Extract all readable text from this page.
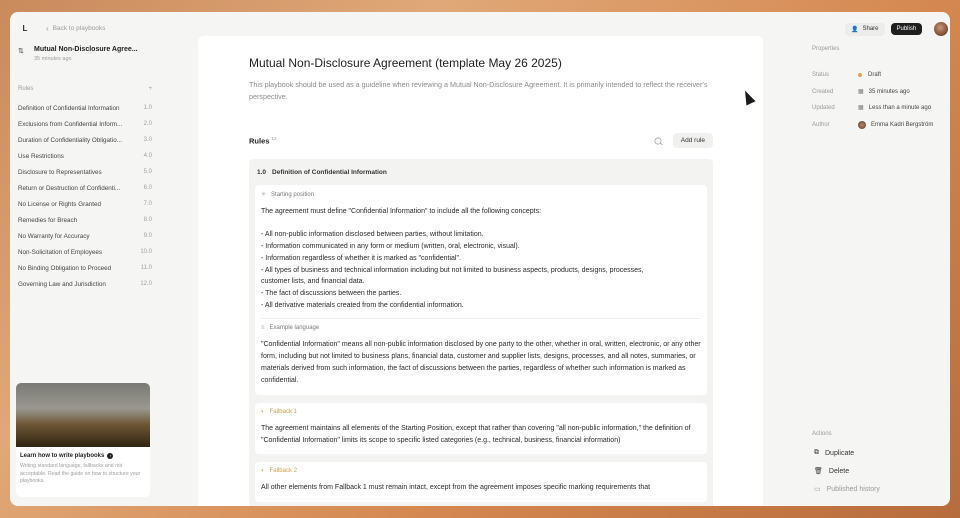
L	‹ Back to playbooks
⇅	Mutual Non-Disclosure Agree...
35 minutes ago
Rules	+
Definition of Confidential Information	1.0
Exclusions from Confidential Inform...	2.0
Duration of Confidentiality Obligatio...	3.0
Use Restrictions	4.0
Disclosure to Representatives	5.0
Return or Destruction of Confidenti...	6.0
No License or Rights Granted	7.0
Remedies for Breach	8.0
No Warranty for Accuracy	9.0
Non-Solicitation of Employees	10.0
No Binding Obligation to Proceed	11.0
Governing Law and Jurisdiction	12.0
Learn how to write playbooks	›
Writing standard language, fallbacks and not acceptable. Read the guide on how to structure your playbooks.
Properties
Status	Draft
Created	▦ 35 minutes ago
Updated	▦ Less than a minute ago
Author	Emma Kadri Bergström
Actions
⧉ Duplicate
🗑 Delete
▭ Published history
👤 Share	Publish
Mutual Non-Disclosure Agreement (template May 26 2025)
This playbook should be used as a guideline when reviewing a Mutual Non-Disclosure Agreement. It is primarily intended to reflect the receiver's perspective.
Rules $^{12}$	Add rule
1.0 Definition of Confidential Information
✳ Starting position
The agreement must define "Confidential Information" to include all the following concepts:
- All non-public information disclosed between parties, without limitation.
- Information communicated in any form or medium (written, oral, electronic, visual).
- Information regardless of whether it is marked as "confidential".
- All types of business and technical information including but not limited to business aspects, products, designs, processes,
customer lists, and financial data.
- The fact of discussions between the parties.
- All derivative materials created from the confidential information.
≡ Example language
"Confidential Information" means all non-public information disclosed by one party to the other, whether in oral, written, electronic, or any other form, including but not limited to business plans, financial data, customer and supplier lists, designs, processes, and all notes, summaries, or materials derived from such information, the fact of discussions between the parties, regardless of whether such information is marked as confidential.
◐ Fallback 1
The agreement maintains all elements of the Starting Position, except that rather than covering "all non-public information," the definition of "Confidential Information" limits its scope to specific listed categories (e.g., technical, business, financial information)
◐ Fallback 2
All other elements from Fallback 1 must remain intact, except from the agreement imposes specific marking requirements that
